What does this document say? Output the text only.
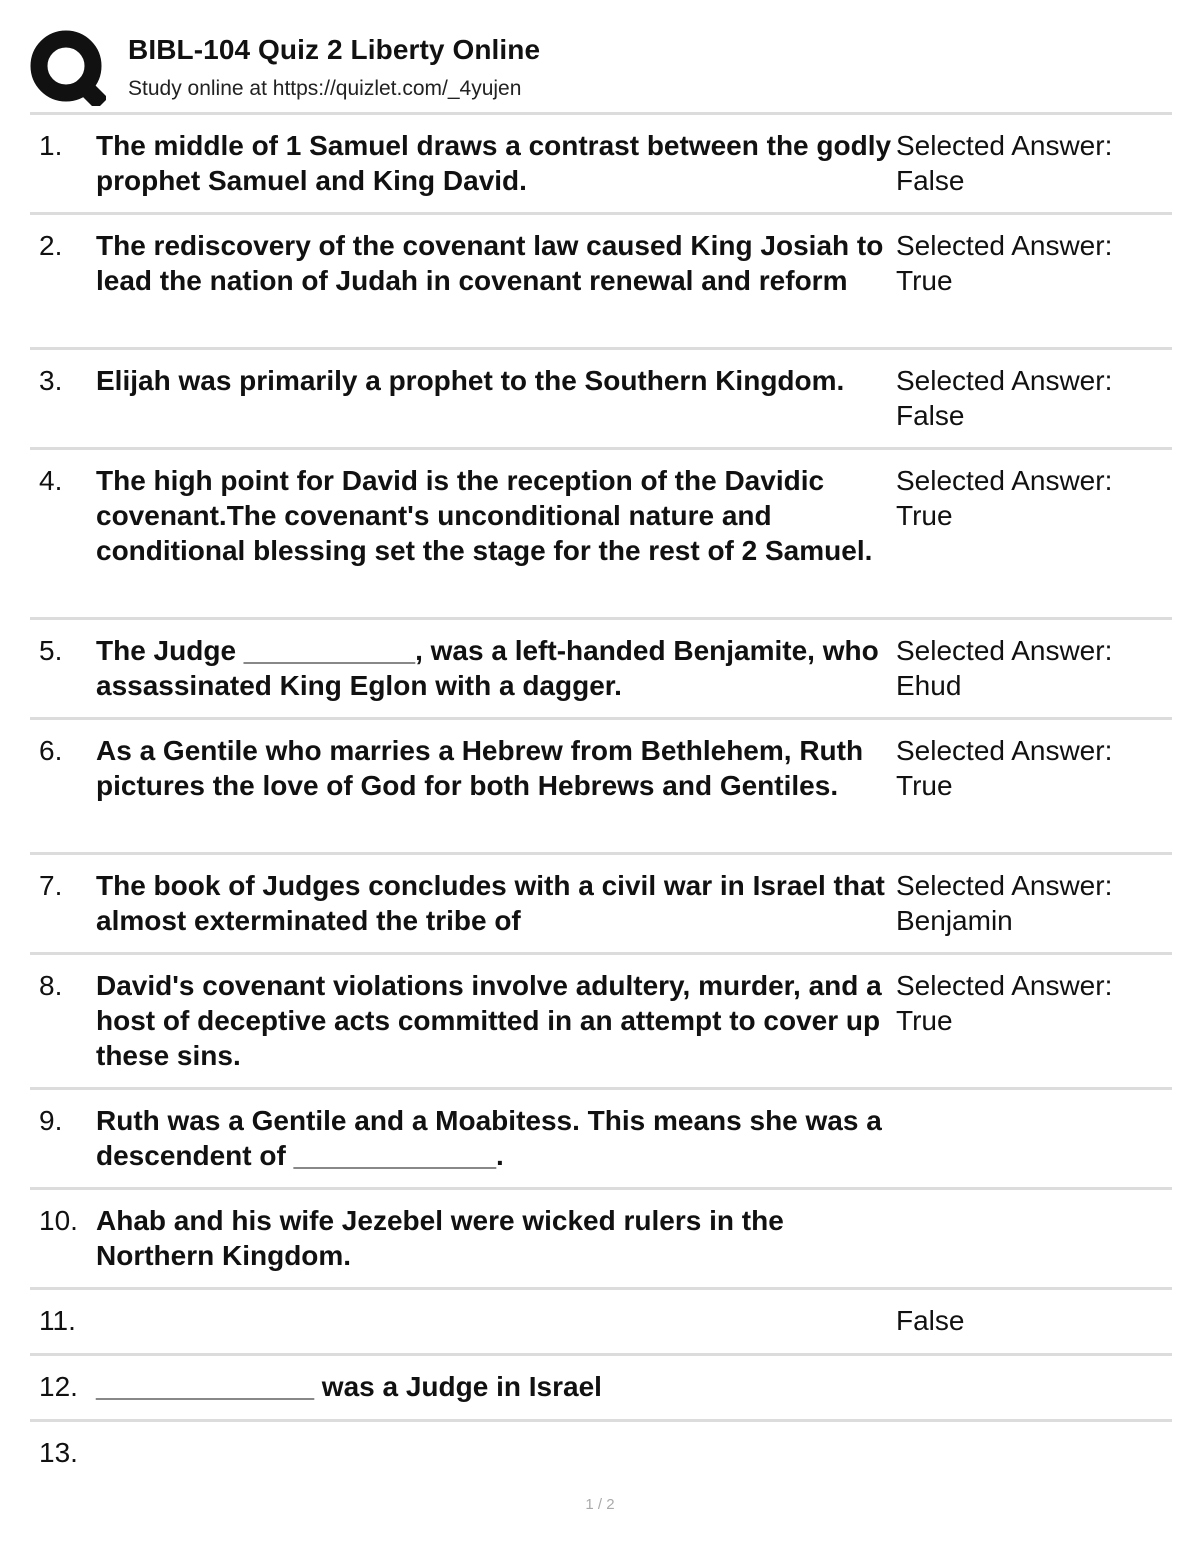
BIBL-104 Quiz 2 Liberty Online
Study online at https://quizlet.com/_4yujen
1. The middle of 1 Samuel draws a contrast between the godly prophet Samuel and King David.
Selected Answer:
False
2. The rediscovery of the covenant law caused King Josiah to lead the nation of Judah in covenant renewal and reform
Selected Answer:
True
3. Elijah was primarily a prophet to the Southern Kingdom.	Selected Answer:
False
4. The high point for David is the reception of the Davidic covenant.The covenant's unconditional nature and conditional blessing set the stage for the rest of 2 Samuel.
Selected Answer:
True
5. The Judge ___________, was a left-handed Benjamite, who assassinated King Eglon with a dagger.
Selected Answer:
Ehud
6. As a Gentile who marries a Hebrew from Bethlehem, Ruth pictures the love of God for both Hebrews and Gentiles.
Selected Answer:
True
7. The book of Judges concludes with a civil war in Israel that almost exterminated the tribe of
Selected Answer:
Benjamin
8. David's covenant violations involve adultery, murder, and a host of deceptive acts committed in an attempt to cover up these sins.
Selected Answer:
True
9. Ruth was a Gentile and a Moabitess. This means she was a descendent of _____________.
10. Ahab and his wife Jezebel were wicked rulers in the Northern Kingdom.
11.	False
12. ______________ was a Judge in Israel
13.
1 / 2
